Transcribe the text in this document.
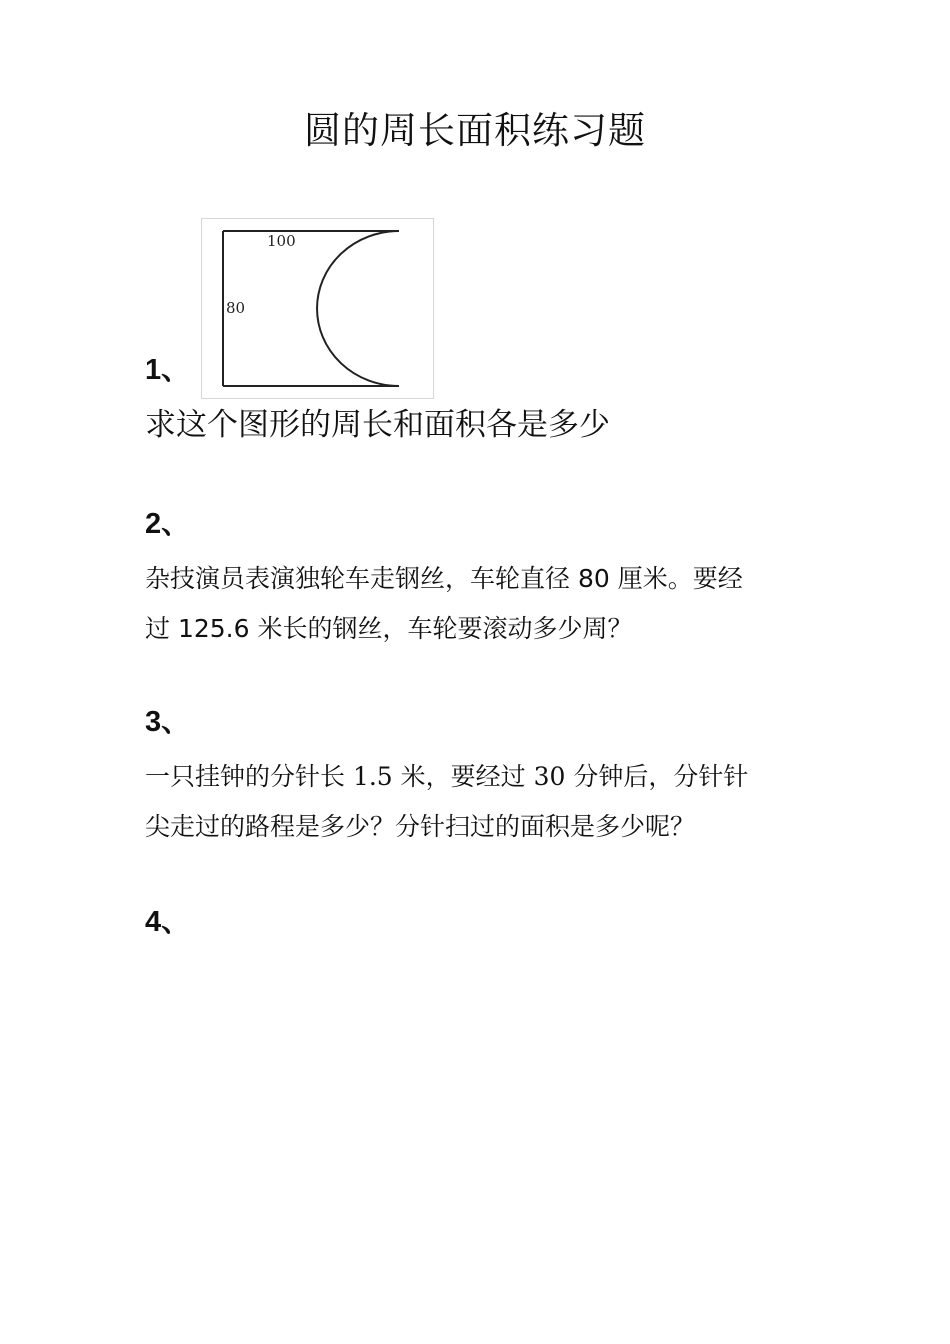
圆的周长面积练习题
100
80
1、
求这个图形的周长和面积各是多少
2、
杂技演员表演独轮车走钢丝，车轮直径 80 厘米。要经
过 125.6 米长的钢丝，车轮要滚动多少周？
3、
一只挂钟的分针长 1.5 米，要经过 30 分钟后，分针针
尖走过的路程是多少？分针扫过的面积是多少呢？
4、
